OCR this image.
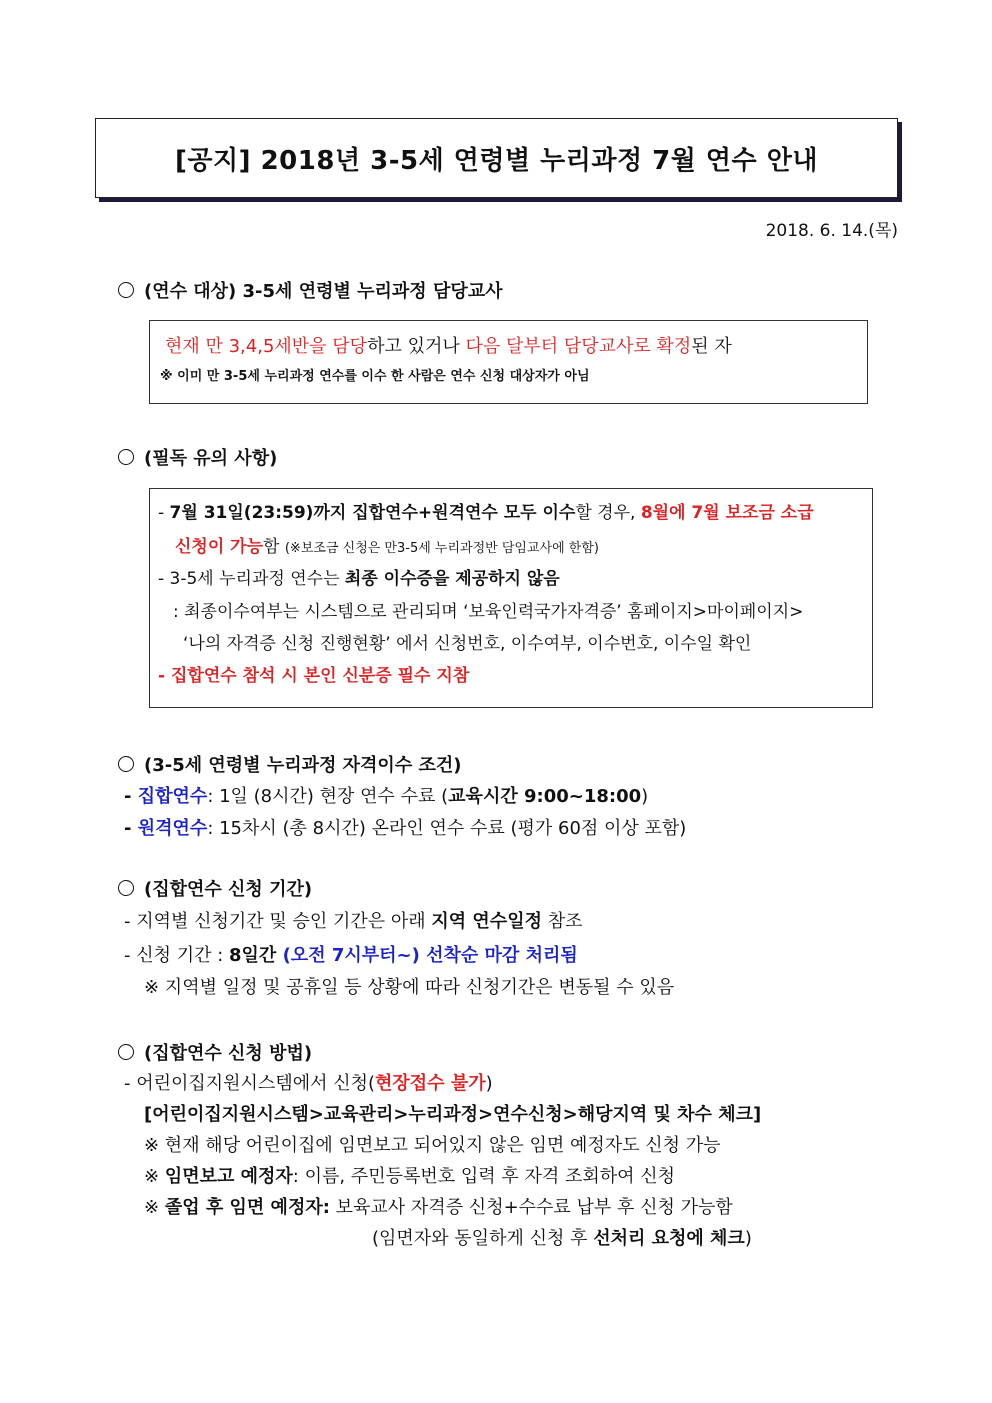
[공지] 2018년 3-5세 연령별 누리과정 7월 연수 안내
2018. 6. 14.(목)
(연수 대상) 3-5세 연령별 누리과정 담당교사
현재 만 3,4,5세반을 담당하고 있거나 다음 달부터 담당교사로 확정된 자
※ 이미 만 3-5세 누리과정 연수를 이수 한 사람은 연수 신청 대상자가 아님
(필독 유의 사항)
- 7월 31일(23:59)까지 집합연수+원격연수 모두 이수할 경우, 8월에 7월 보조금 소급
신청이 가능함 (※보조금 신청은 만3-5세 누리과정반 담임교사에 한함)
- 3-5세 누리과정 연수는 최종 이수증을 제공하지 않음
: 최종이수여부는 시스템으로 관리되며 ‘보육인력국가자격증’ 홈페이지>마이페이지>
‘나의 자격증 신청 진행현황’ 에서 신청번호, 이수여부, 이수번호, 이수일 확인
- 집합연수 참석 시 본인 신분증 필수 지참
(3-5세 연령별 누리과정 자격이수 조건)
- 집합연수: 1일 (8시간) 현장 연수 수료 (교육시간 9:00~18:00)
- 원격연수: 15차시 (총 8시간) 온라인 연수 수료 (평가 60점 이상 포함)
(집합연수 신청 기간)
- 지역별 신청기간 및 승인 기간은 아래 지역 연수일정 참조
- 신청 기간 : 8일간 (오전 7시부터~) 선착순 마감 처리됨
※ 지역별 일정 및 공휴일 등 상황에 따라 신청기간은 변동될 수 있음
(집합연수 신청 방법)
- 어린이집지원시스템에서 신청(현장접수 불가)
[어린이집지원시스템>교육관리>누리과정>연수신청>해당지역 및 차수 체크]
※ 현재 해당 어린이집에 임면보고 되어있지 않은 임면 예정자도 신청 가능
※ 임면보고 예정자: 이름, 주민등록번호 입력 후 자격 조회하여 신청
※ 졸업 후 임면 예정자: 보육교사 자격증 신청+수수료 납부 후 신청 가능함
(임면자와 동일하게 신청 후 선처리 요청에 체크)
